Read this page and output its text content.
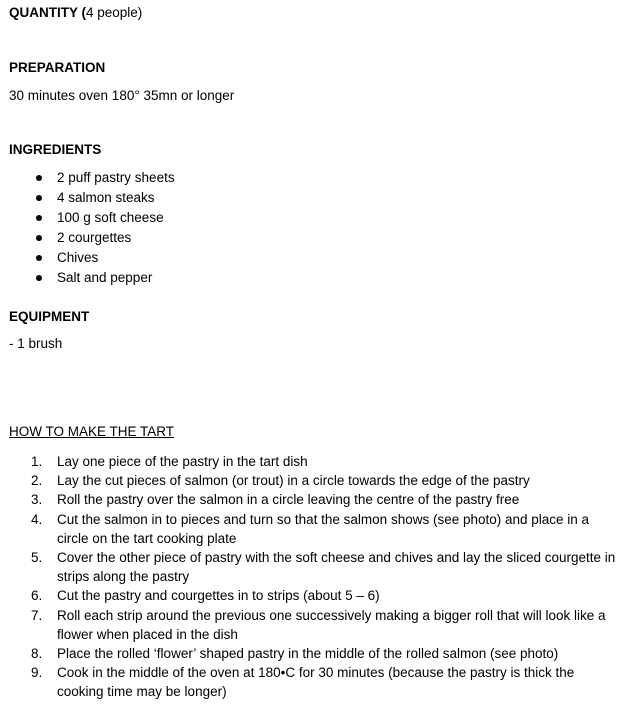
QUANTITY (4 people)
PREPARATION
30 minutes oven 180° 35mn or longer
INGREDIENTS
2 puff pastry sheets
4 salmon steaks
100 g soft cheese
2 courgettes
Chives
Salt and pepper
EQUIPMENT
- 1 brush
HOW TO MAKE THE TART
1. Lay one piece of the pastry in the tart dish
2. Lay the cut pieces of salmon (or trout) in a circle towards the edge of the pastry
3. Roll the pastry over the salmon in a circle leaving the centre of the pastry free
4. Cut the salmon in to pieces and turn so that the salmon shows (see photo) and place in a circle on the tart cooking plate
5. Cover the other piece of pastry with the soft cheese and chives and lay the sliced courgette in strips along the pastry
6. Cut the pastry and courgettes in to strips (about 5 – 6)
7. Roll each strip around the previous one successively making a bigger roll that will look like a flower when placed in the dish
8. Place the rolled ‘flower’ shaped pastry in the middle of the rolled salmon (see photo)
9. Cook in the middle of the oven at 180•C for 30 minutes (because the pastry is thick the cooking time may be longer)
